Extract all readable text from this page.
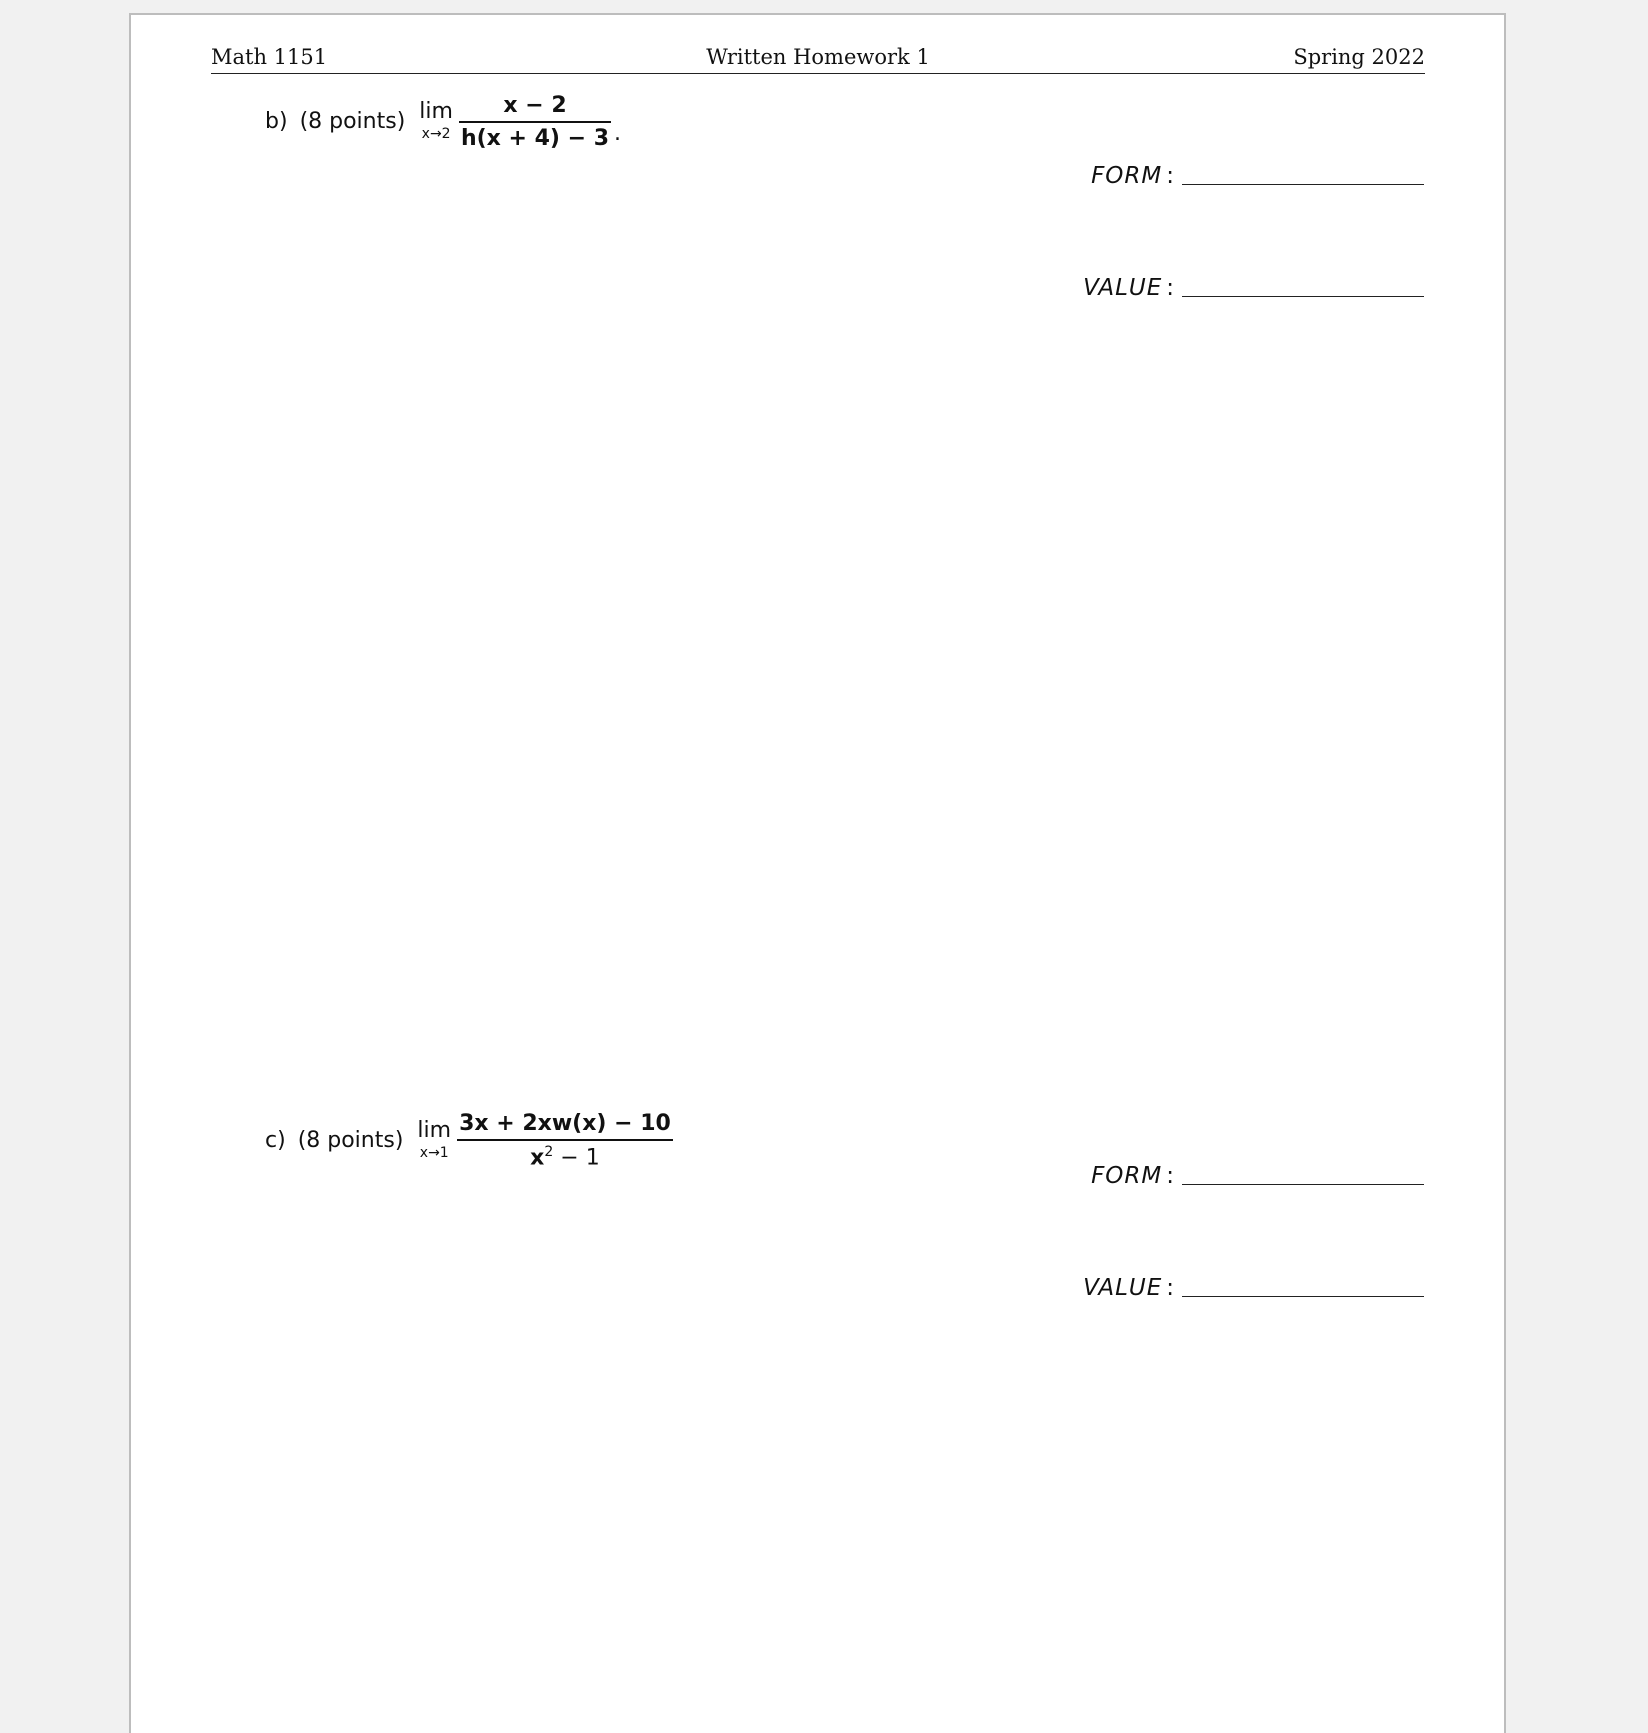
Math 1151	Written Homework 1	Spring 2022
b) (8 points) lim
$x\to 2 \frac{x - 2}{h(x + 4) - 3}$ .
FORM :
VALUE :
c) (8 points) lim
$x\to 1 \frac{3x + 2xw(x) - 10}{x^2 - 1}$
FORM :
VALUE :
